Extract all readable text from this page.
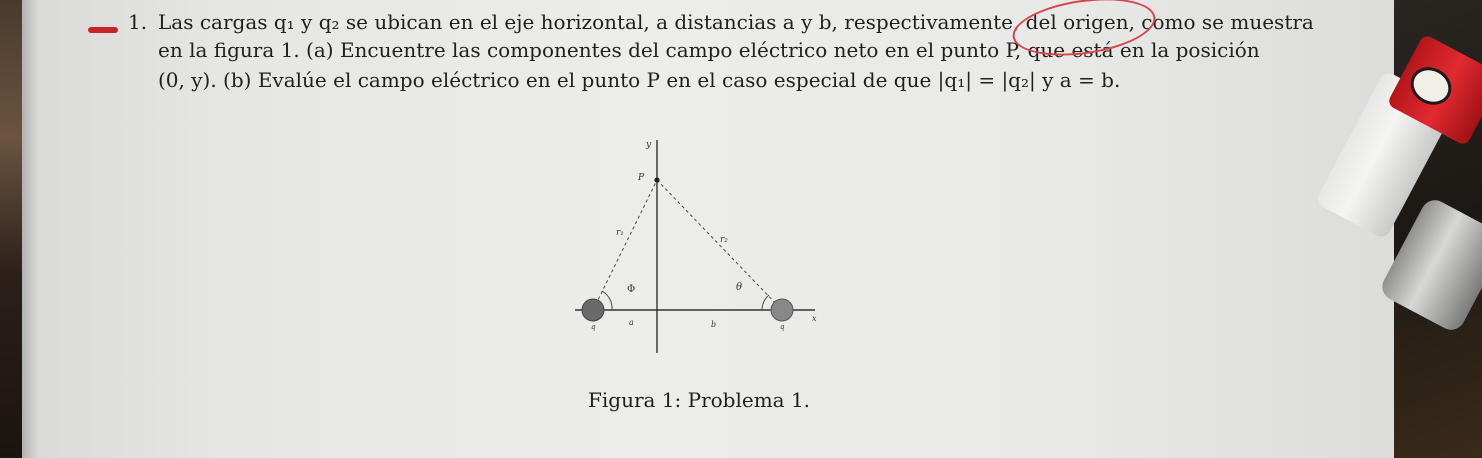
1. Las cargas q₁ y q₂ se ubican en el eje horizontal, a distancias a y b, respectivamente, del origen, como se muestra
en la figura 1. (a) Encuentre las componentes del campo eléctrico neto en el punto P, que está en la posición
(0, y). (b) Evalúe el campo eléctrico en el punto P en el caso especial de que |q₁| = |q₂| y a = b.
y
P
r₁
r₂
Φ	θ
a	b
q	q
x
Figura 1: Problema 1.
